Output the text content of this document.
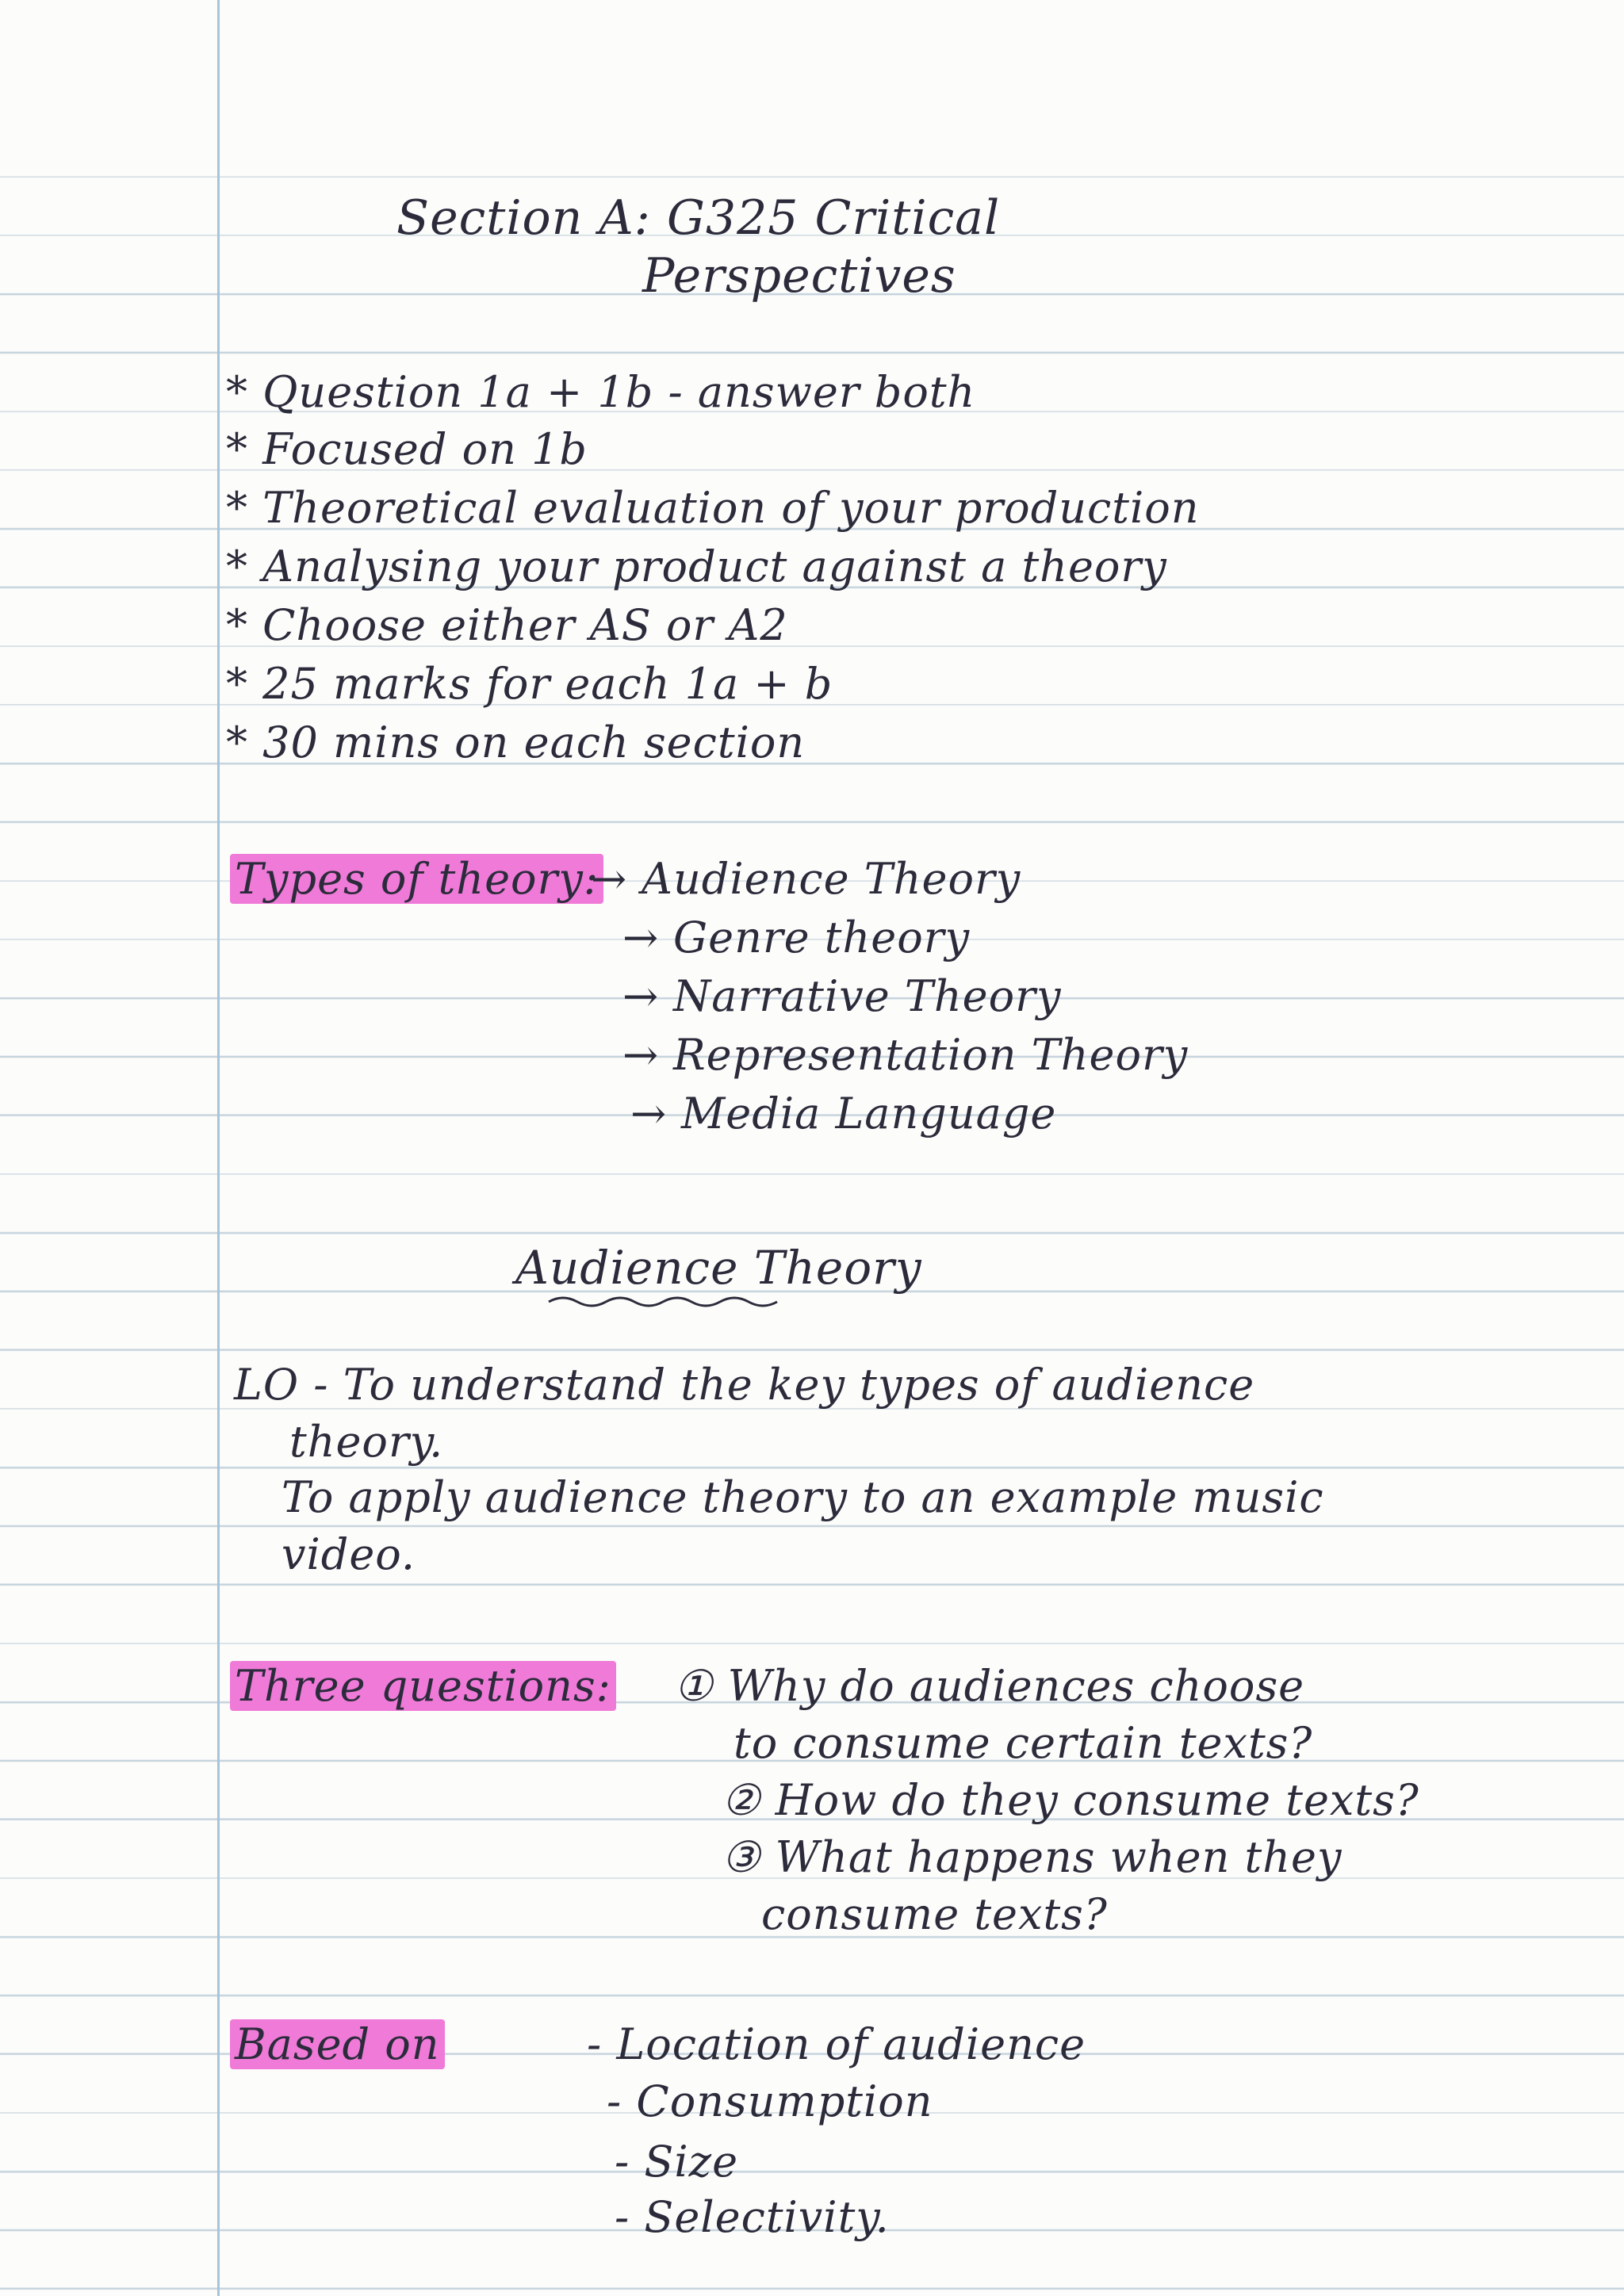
Section A: G325 Critical
Perspectives
* Question 1a + 1b - answer both
* Focused on 1b
* Theoretical evaluation of your production
* Analysing your product against a theory
* Choose either AS or A2
* 25 marks for each 1a + b
* 30 mins on each section
Types of theory:
→ Audience Theory
→ Genre theory
→ Narrative Theory
→ Representation Theory
→ Media Language
Audience Theory
LO - To understand the key types of audience
theory.
To apply audience theory to an example music
video.
Three questions: ① Why do audiences choose
to consume certain texts?
② How do they consume texts?
③ What happens when they
consume texts?
Based on	- Location of audience
- Consumption
- Size
- Selectivity.
